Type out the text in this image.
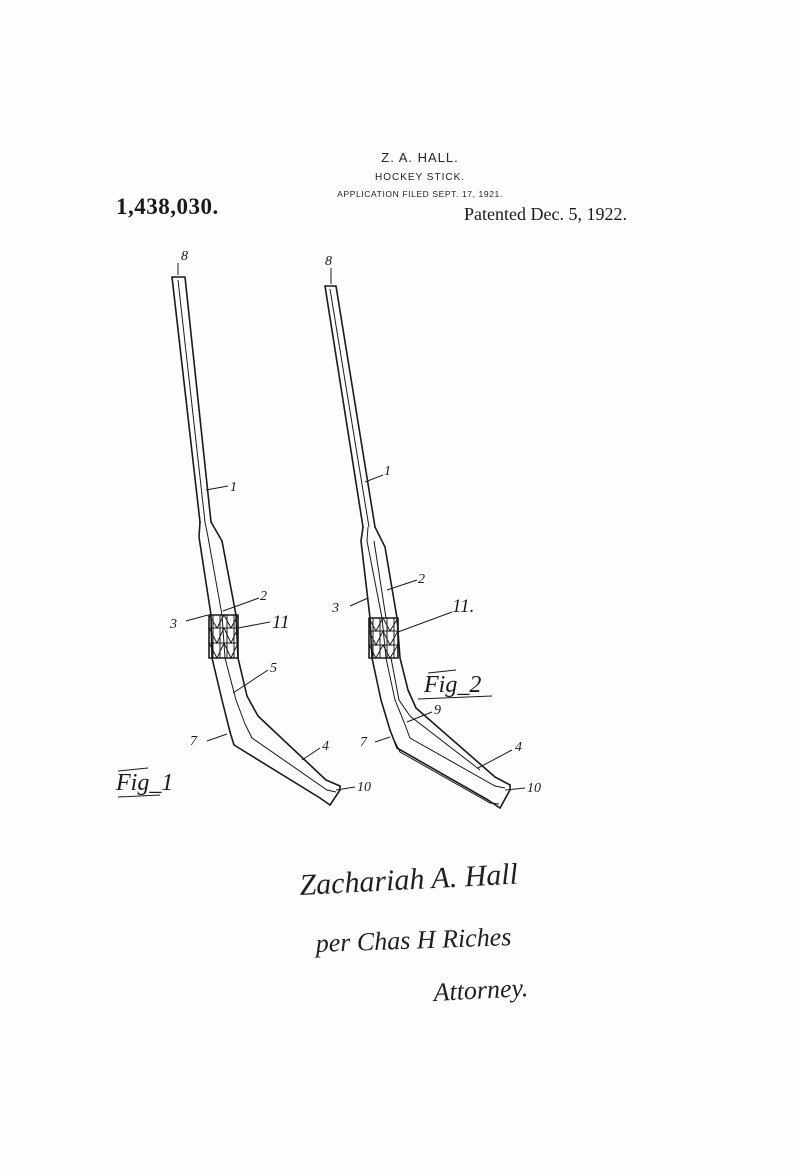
Z. A. HALL.
HOCKEY STICK.
APPLICATION FILED SEPT. 17, 1921.
1,438,030.	Patented Dec. 5, 1922.
8
1
2
3	11
5
7	4
10
Fig_1
8
1
2
3	11.
9
7	4
10
Fig_2
Zachariah A. Hall
per Chas H Riches
Attorney.
